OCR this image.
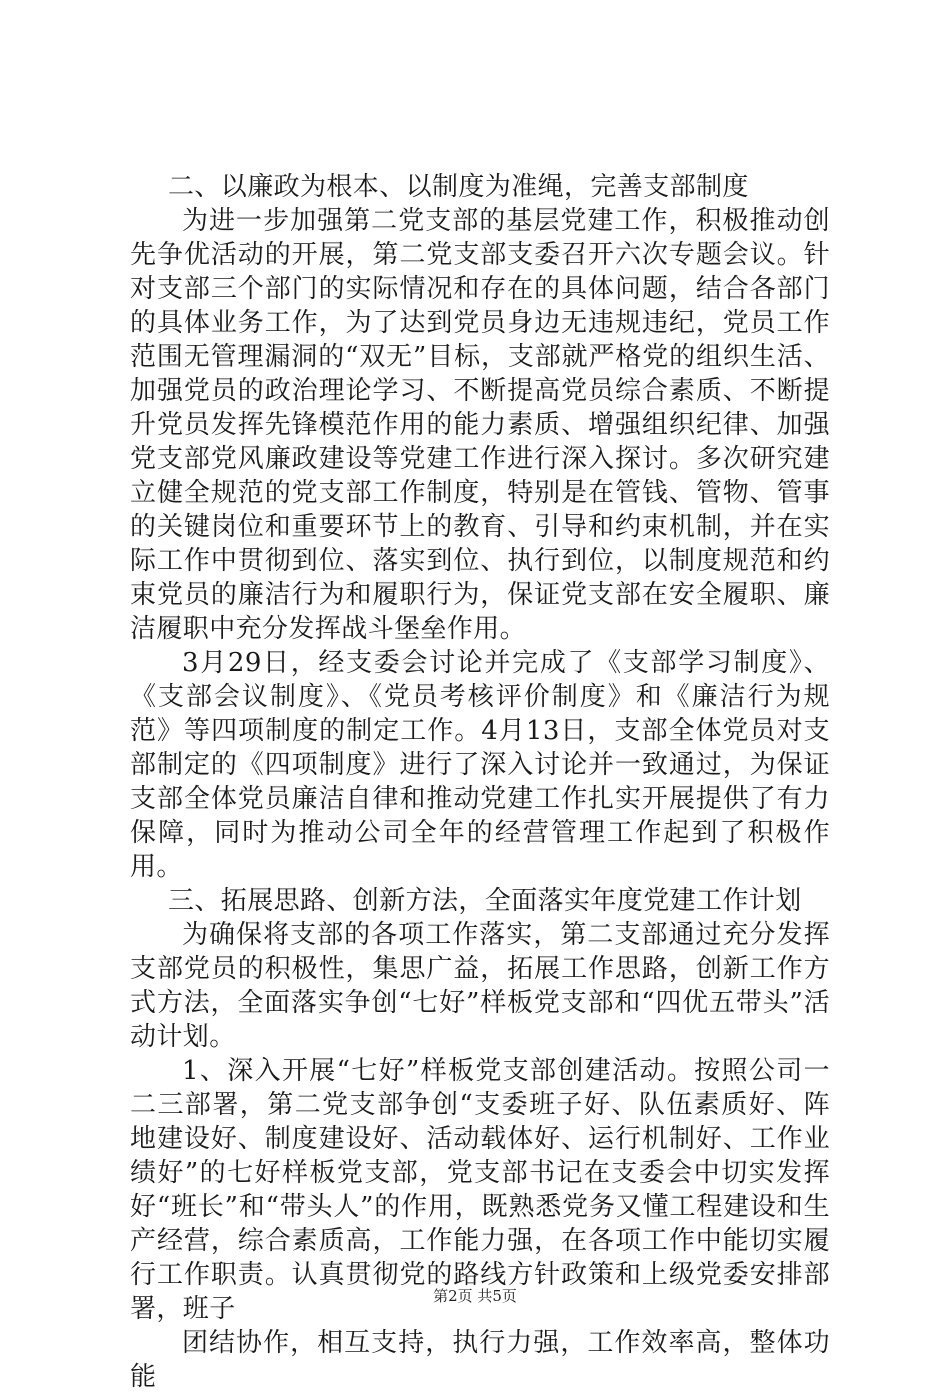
二、以廉政为根本、以制度为准绳，完善支部制度

为进一步加强第二党支部的基层党建工作，积极推动创先争优活动的开展，第二党支部支委召开六次专题会议。针对支部三个部门的实际情况和存在的具体问题，结合各部门的具体业务工作，为了达到党员身边无违规违纪，党员工作范围无管理漏洞的“双无”目标，支部就严格党的组织生活、加强党员的政治理论学习、不断提高党员综合素质、不断提升党员发挥先锋模范作用的能力素质、增强组织纪律、加强党支部党风廉政建设等党建工作进行深入探讨。多次研究建立健全规范的党支部工作制度，特别是在管钱、管物、管事的关键岗位和重要环节上的教育、引导和约束机制，并在实际工作中贯彻到位、落实到位、执行到位，以制度规范和约束党员的廉洁行为和履职行为，保证党支部在安全履职、廉洁履职中充分发挥战斗堡垒作用。

3月29日，经支委会讨论并完成了《支部学习制度》、《支部会议制度》、《党员考核评价制度》和《廉洁行为规范》等四项制度的制定工作。4月13日，支部全体党员对支部制定的《四项制度》进行了深入讨论并一致通过，为保证支部全体党员廉洁自律和推动党建工作扎实开展提供了有力保障，同时为推动公司全年的经营管理工作起到了积极作用。

三、拓展思路、创新方法，全面落实年度党建工作计划

为确保将支部的各项工作落实，第二支部通过充分发挥支部党员的积极性，集思广益，拓展工作思路，创新工作方式方法，全面落实争创“七好”样板党支部和“四优五带头”活动计划。

1、深入开展“七好”样板党支部创建活动。按照公司一二三部署，第二党支部争创“支委班子好、队伍素质好、阵地建设好、制度建设好、活动载体好、运行机制好、工作业绩好”的七好样板党支部，党支部书记在支委会中切实发挥好“班长”和“带头人”的作用，既熟悉党务又懂工程建设和生产经营，综合素质高，工作能力强，在各项工作中能切实履行工作职责。认真贯彻党的路线方针政策和上级党委安排部署，班子

团结协作，相互支持，执行力强，工作效率高，整体功能

第2页 共5页
